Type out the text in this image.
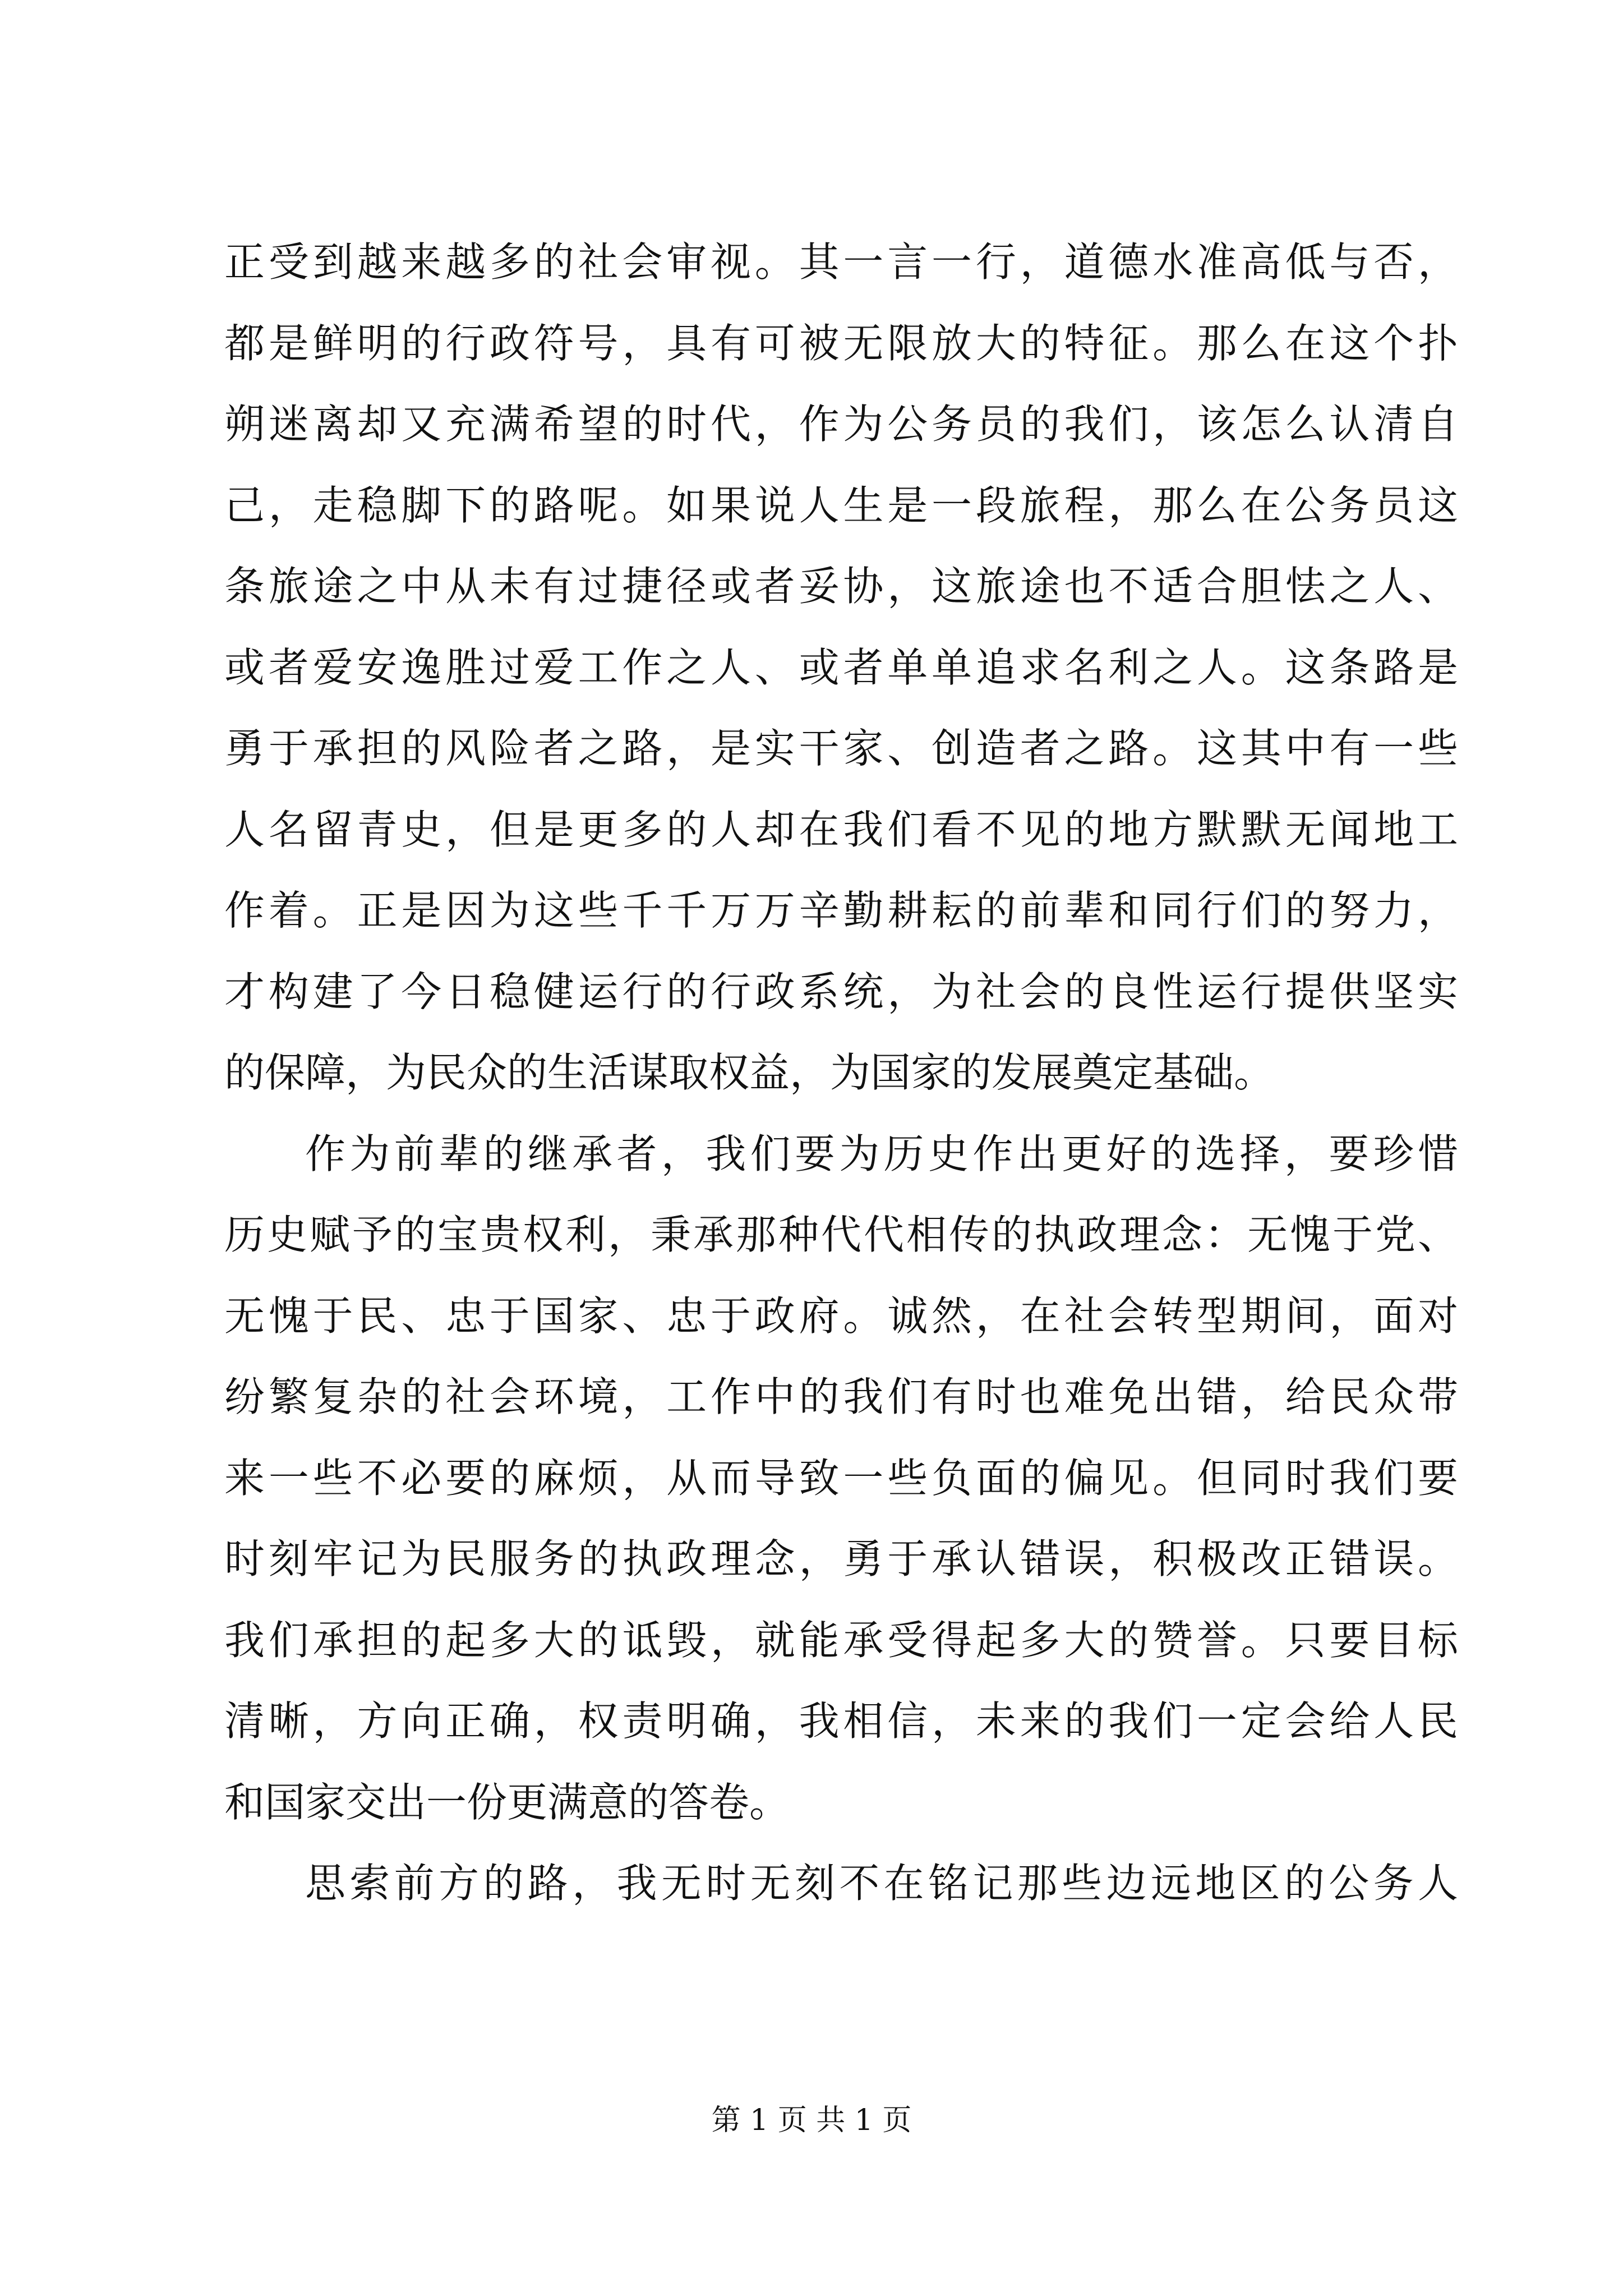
正受到越来越多的社会审视。其一言一行，道德水准高低与否，
都是鲜明的行政符号，具有可被无限放大的特征。那么在这个扑
朔迷离却又充满希望的时代，作为公务员的我们，该怎么认清自
己，走稳脚下的路呢。如果说人生是一段旅程，那么在公务员这
条旅途之中从未有过捷径或者妥协，这旅途也不适合胆怯之人、
或者爱安逸胜过爱工作之人、或者单单追求名利之人。这条路是
勇于承担的风险者之路，是实干家、创造者之路。这其中有一些
人名留青史，但是更多的人却在我们看不见的地方默默无闻地工
作着。正是因为这些千千万万辛勤耕耘的前辈和同行们的努力，
才构建了今日稳健运行的行政系统，为社会的良性运行提供坚实
的保障，为民众的生活谋取权益，为国家的发展奠定基础。
作为前辈的继承者，我们要为历史作出更好的选择，要珍惜
历史赋予的宝贵权利，秉承那种代代相传的执政理念：无愧于党、
无愧于民、忠于国家、忠于政府。诚然，在社会转型期间，面对
纷繁复杂的社会环境，工作中的我们有时也难免出错，给民众带
来一些不必要的麻烦，从而导致一些负面的偏见。但同时我们要
时刻牢记为民服务的执政理念，勇于承认错误，积极改正错误。
我们承担的起多大的诋毁，就能承受得起多大的赞誉。只要目标
清晰，方向正确，权责明确，我相信，未来的我们一定会给人民
和国家交出一份更满意的答卷。
思索前方的路，我无时无刻不在铭记那些边远地区的公务人
第 1 页 共 1 页
